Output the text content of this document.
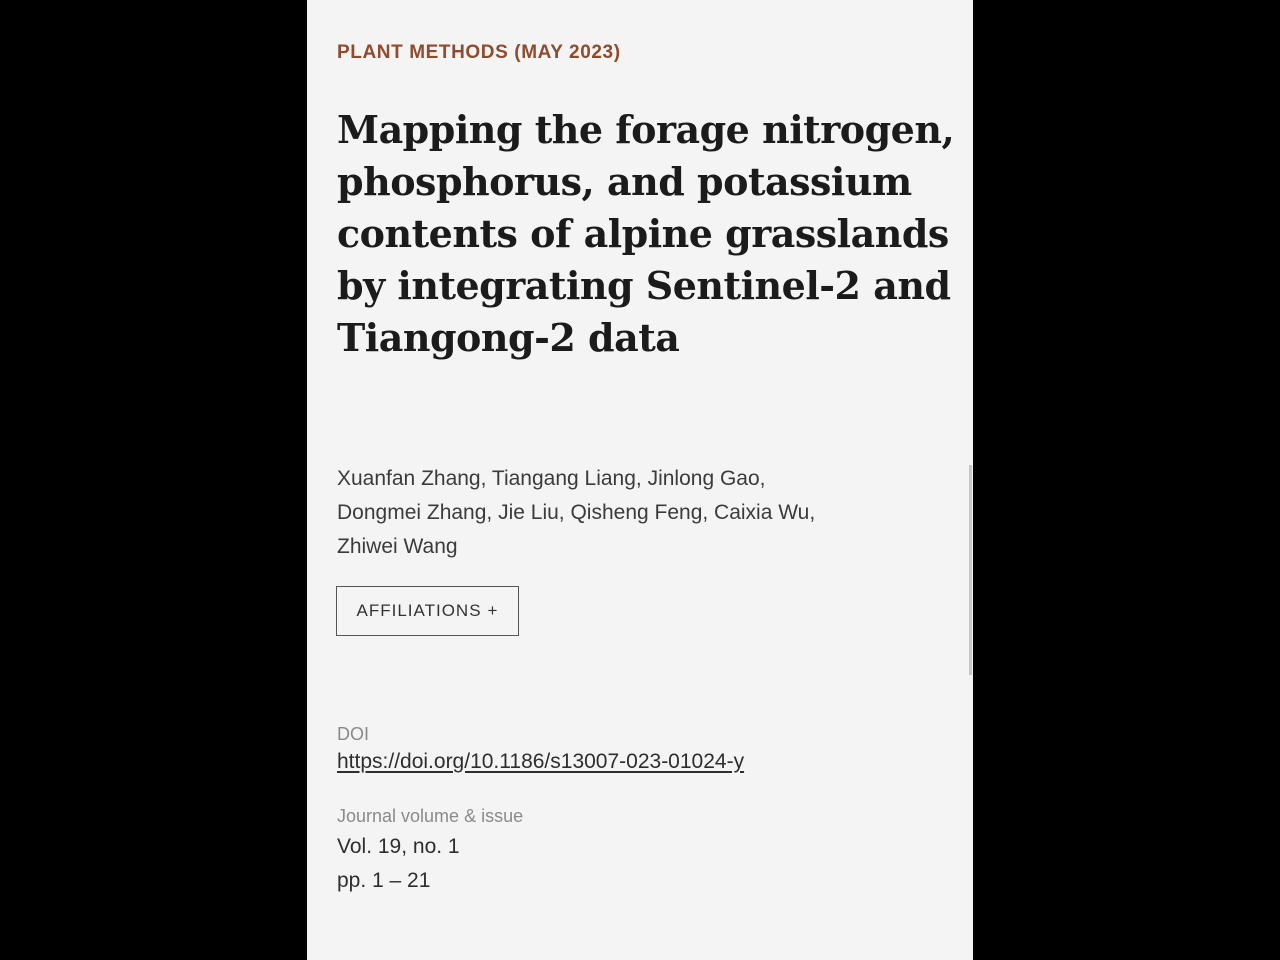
PLANT METHODS (MAY 2023)
Mapping the forage nitrogen, phosphorus, and potassium contents of alpine grasslands by integrating Sentinel-2 and Tiangong-2 data
Xuanfan Zhang, Tiangang Liang, Jinlong Gao,
Dongmei Zhang, Jie Liu, Qisheng Feng, Caixia Wu,
Zhiwei Wang
AFFILIATIONS +
DOI
https://doi.org/10.1186/s13007-023-01024-y
Journal volume & issue
Vol. 19, no. 1
pp. 1 – 21
